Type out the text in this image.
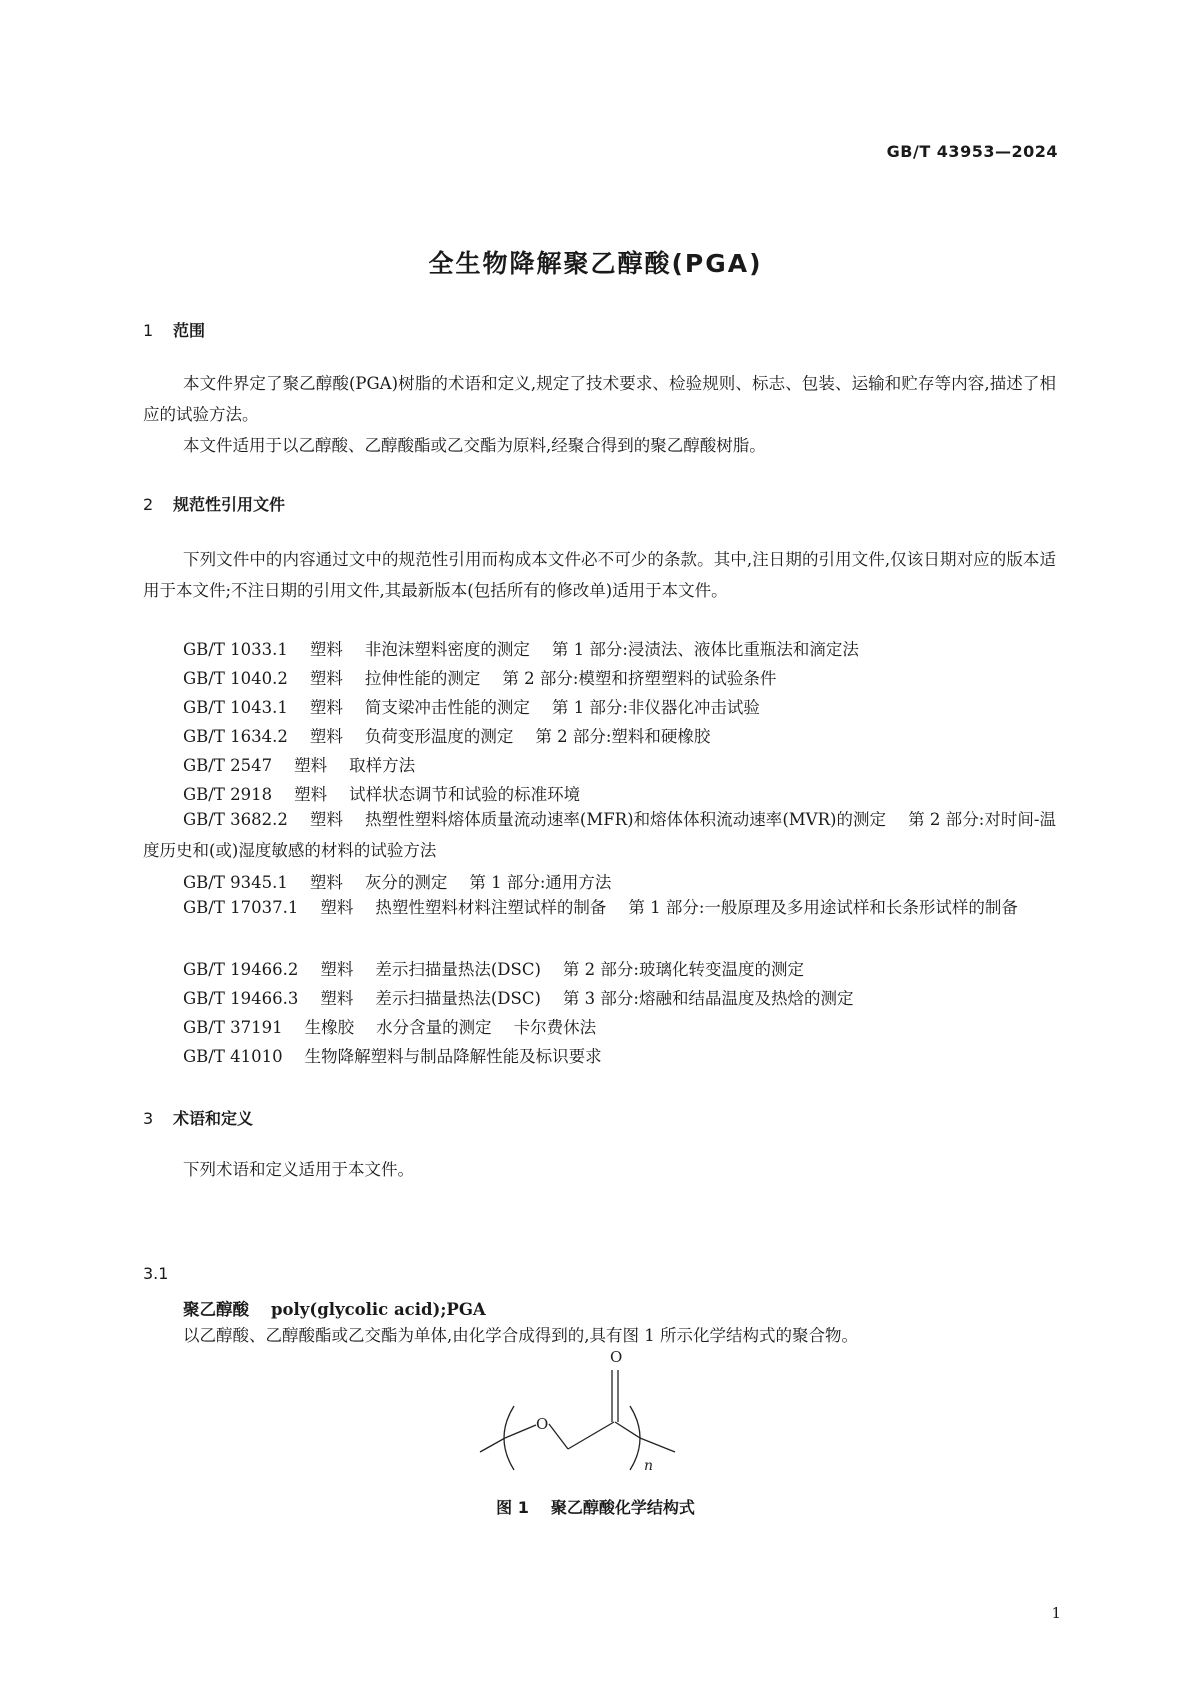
GB/T 43953—2024
全生物降解聚乙醇酸(PGA)
1 范围
本文件界定了聚乙醇酸(PGA)树脂的术语和定义,规定了技术要求、检验规则、标志、包装、运输和贮存等内容,描述了相应的试验方法。
本文件适用于以乙醇酸、乙醇酸酯或乙交酯为原料,经聚合得到的聚乙醇酸树脂。
2 规范性引用文件
下列文件中的内容通过文中的规范性引用而构成本文件必不可少的条款。其中,注日期的引用文件,仅该日期对应的版本适用于本文件;不注日期的引用文件,其最新版本(包括所有的修改单)适用于本文件。
GB/T 1033.1 塑料 非泡沫塑料密度的测定 第 1 部分:浸渍法、液体比重瓶法和滴定法
GB/T 1040.2 塑料 拉伸性能的测定 第 2 部分:模塑和挤塑塑料的试验条件
GB/T 1043.1 塑料 简支梁冲击性能的测定 第 1 部分:非仪器化冲击试验
GB/T 1634.2 塑料 负荷变形温度的测定 第 2 部分:塑料和硬橡胶
GB/T 2547 塑料 取样方法
GB/T 2918 塑料 试样状态调节和试验的标准环境
GB/T 3682.2 塑料 热塑性塑料熔体质量流动速率(MFR)和熔体体积流动速率(MVR)的测定 第 2 部分:对时间-温度历史和(或)湿度敏感的材料的试验方法
GB/T 9345.1 塑料 灰分的测定 第 1 部分:通用方法
GB/T 17037.1 塑料 热塑性塑料材料注塑试样的制备 第 1 部分:一般原理及多用途试样和长条形试样的制备
GB/T 19466.2 塑料 差示扫描量热法(DSC) 第 2 部分:玻璃化转变温度的测定
GB/T 19466.3 塑料 差示扫描量热法(DSC) 第 3 部分:熔融和结晶温度及热焓的测定
GB/T 37191 生橡胶 水分含量的测定 卡尔费休法
GB/T 41010 生物降解塑料与制品降解性能及标识要求
3 术语和定义
下列术语和定义适用于本文件。
3.1
聚乙醇酸 poly(glycolic acid);PGA
以乙醇酸、乙醇酸酯或乙交酯为单体,由化学合成得到的,具有图 1 所示化学结构式的聚合物。
O
O
n
图 1 聚乙醇酸化学结构式
1
